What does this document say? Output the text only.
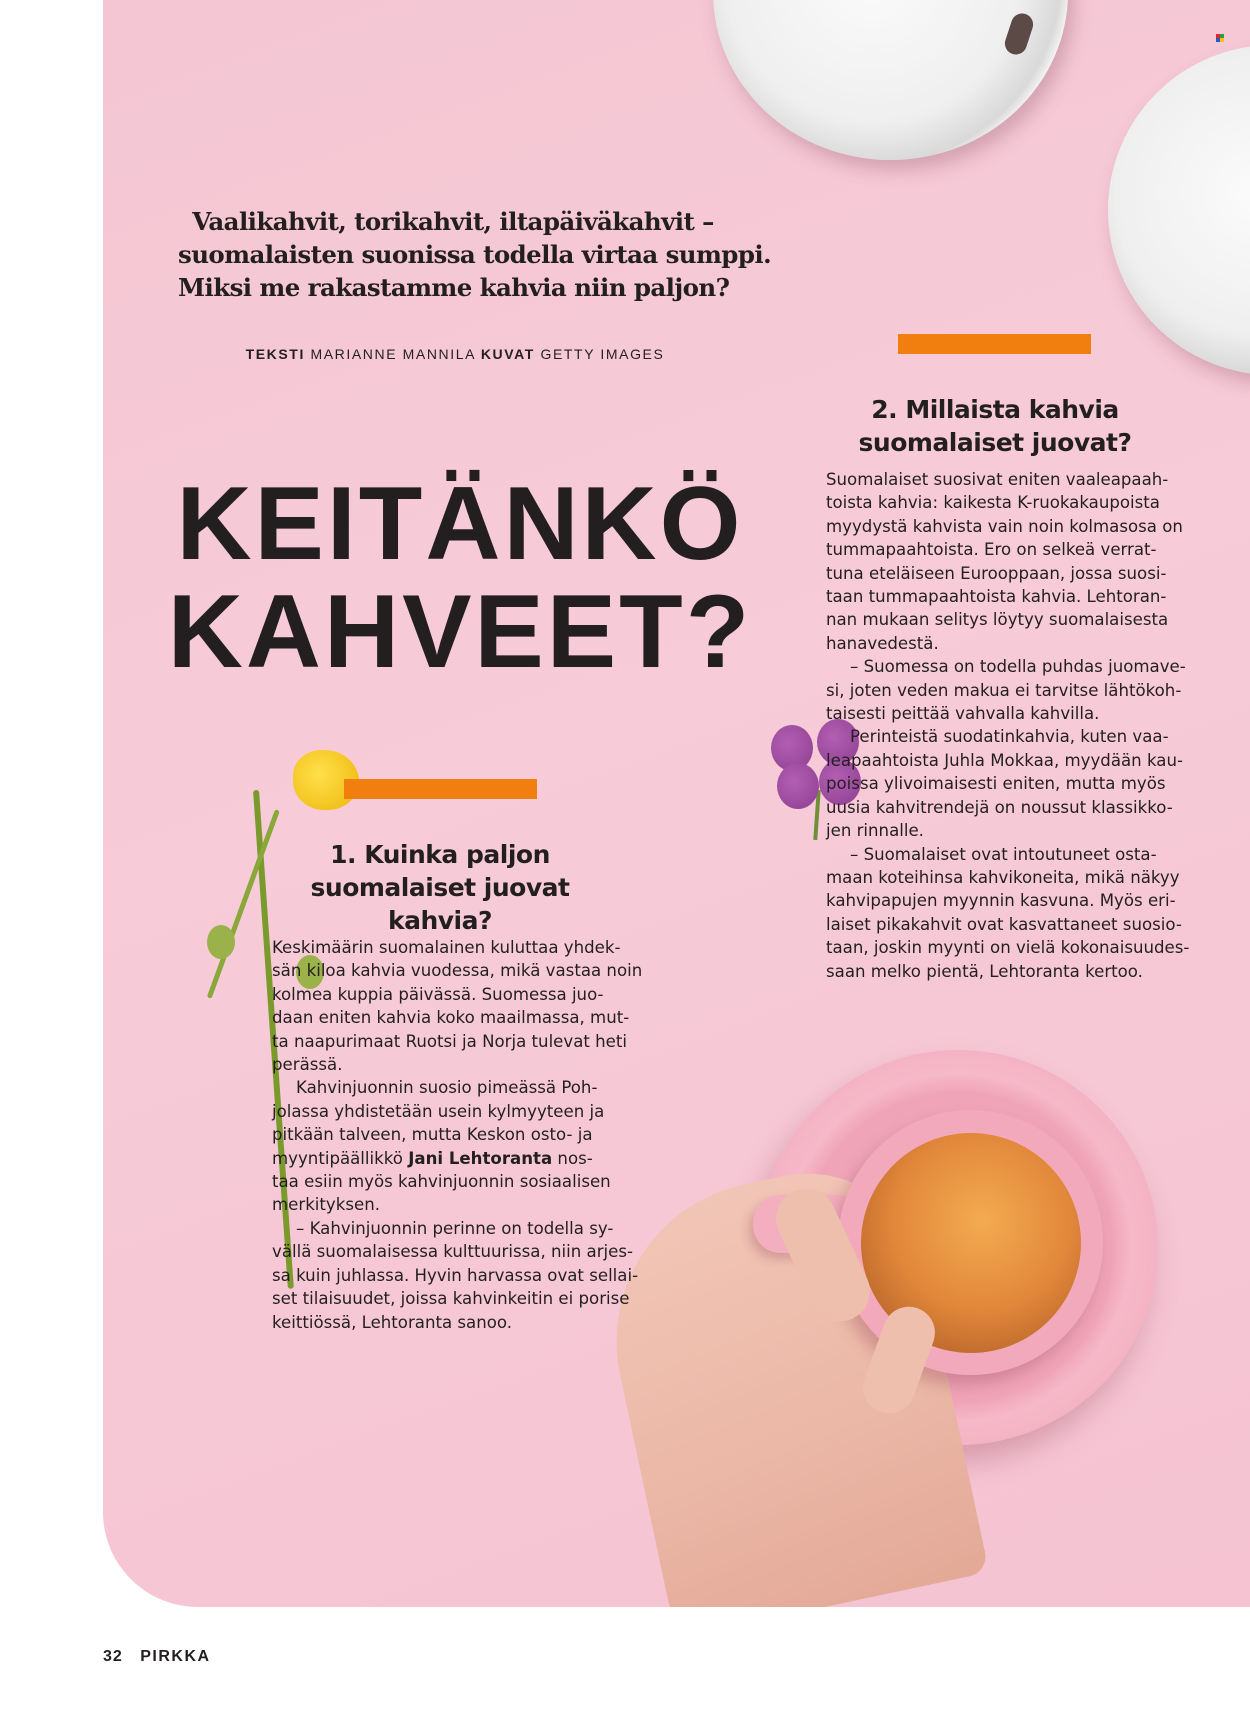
Vaalikahvit, torikahvit, iltapäiväkahvit –
suomalaisten suonissa todella virtaa sumppi.
Miksi me rakastamme kahvia niin paljon?
TEKSTI MARIANNE MANNILA KUVAT GETTY IMAGES
KEITÄNKÖ
KAHVEET?
1. Kuinka paljon
suomalaiset juovat
kahvia?
2. Millaista kahvia
suomalaiset juovat?

Keskimäärin suomalainen kuluttaa yhdek-

sän kiloa kahvia vuodessa, mikä vastaa noin

kolmea kuppia päivässä. Suomessa juo-

daan eniten kahvia koko maailmassa, mut-

ta naapurimaat Ruotsi ja Norja tulevat heti

perässä.

Kahvinjuonnin suosio pimeässä Poh-

jolassa yhdistetään usein kylmyyteen ja

pitkään talveen, mutta Keskon osto- ja

myyntipäällikkö Jani Lehtoranta nos-

taa esiin myös kahvinjuonnin sosiaalisen

merkityksen.

– Kahvinjuonnin perinne on todella sy-

vällä suomalaisessa kulttuurissa, niin arjes-

sa kuin juhlassa. Hyvin harvassa ovat sellai-

set tilaisuudet, joissa kahvinkeitin ei porise

keittiössä, Lehtoranta sanoo.

Suomalaiset suosivat eniten vaaleapaah-

toista kahvia: kaikesta K-ruokakaupoista

myydystä kahvista vain noin kolmasosa on

tummapaahtoista. Ero on selkeä verrat-

tuna eteläiseen Eurooppaan, jossa suosi-

taan tummapaahtoista kahvia. Lehtoran-

nan mukaan selitys löytyy suomalaisesta

hanavedestä.

– Suomessa on todella puhdas juomave-

si, joten veden makua ei tarvitse lähtökoh-

taisesti peittää vahvalla kahvilla.

Perinteistä suodatinkahvia, kuten vaa-

leapaahtoista Juhla Mokkaa, myydään kau-

poissa ylivoimaisesti eniten, mutta myös

uusia kahvitrendejä on noussut klassikko-

jen rinnalle.

– Suomalaiset ovat intoutuneet osta-

maan koteihinsa kahvikoneita, mikä näkyy

kahvipapujen myynnin kasvuna. Myös eri-

laiset pikakahvit ovat kasvattaneet suosio-

taan, joskin myynti on vielä kokonaisuudes-

saan melko pientä, Lehtoranta kertoo.

32 PIRKKA
